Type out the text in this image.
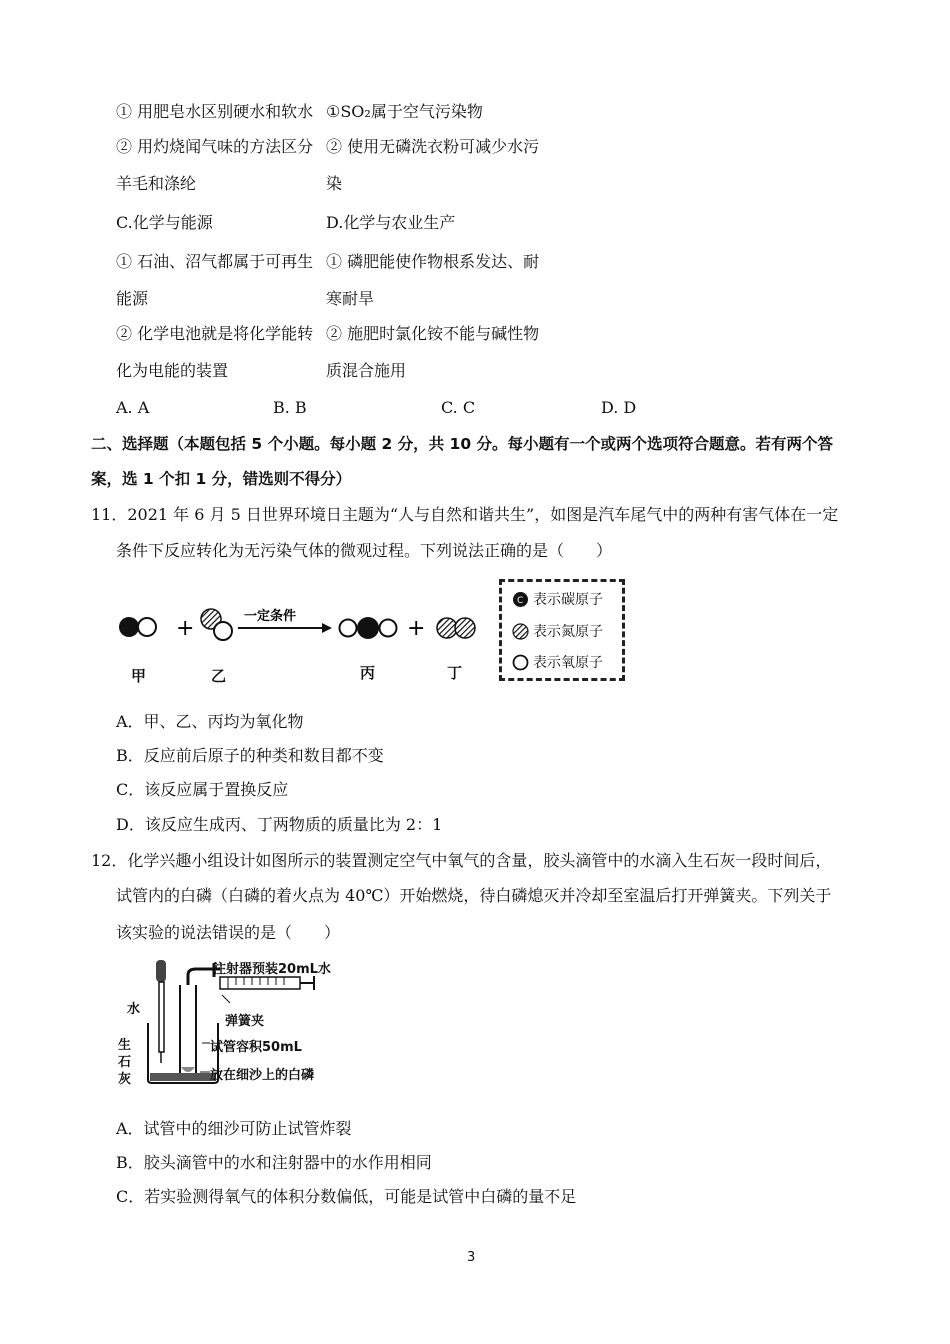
① 用肥皂水区别硬水和软水 ①SO₂属于空气污染物
② 用灼烧闻气味的方法区分 ② 使用无磷洗衣粉可减少水污
羊毛和涤纶	染
C.化学与能源	D.化学与农业生产
① 石油、沼气都属于可再生 ① 磷肥能使作物根系发达、耐
能源	寒耐旱
② 化学电池就是将化学能转 ② 施肥时氯化铵不能与碱性物
化为电能的装置	质混合施用
A. A	B. B	C. C	D. D
二、选择题（本题包括 5 个小题。每小题 2 分，共 10 分。每小题有一个或两个选项符合题意。若有两个答
案，选 1 个扣 1 分，错选则不得分）
11．2021 年 6 月 5 日世界环境日主题为“人与自然和谐共生”，如图是汽车尾气中的两种有害气体在一定
条件下反应转化为无污染气体的微观过程。下列说法正确的是（　　）
+	一定条件	+
甲	乙	丙	丁
C 表示碳原子
表示氮原子
表示氧原子
A．甲、乙、丙均为氧化物
B．反应前后原子的种类和数目都不变
C．该反应属于置换反应
D．该反应生成丙、丁两物质的质量比为 2：1
12．化学兴趣小组设计如图所示的装置测定空气中氧气的含量，胶头滴管中的水滴入生石灰一段时间后，
试管内的白磷（白磷的着火点为 40℃）开始燃烧，待白磷熄灭并冷却至室温后打开弹簧夹。下列关于
该实验的说法错误的是（　　）
注射器预装20mL水
水
弹簧夹
试管容积50mL
生
石
灰	放在细沙上的白磷
A．试管中的细沙可防止试管炸裂
B．胶头滴管中的水和注射器中的水作用相同
C．若实验测得氧气的体积分数偏低，可能是试管中白磷的量不足
3
